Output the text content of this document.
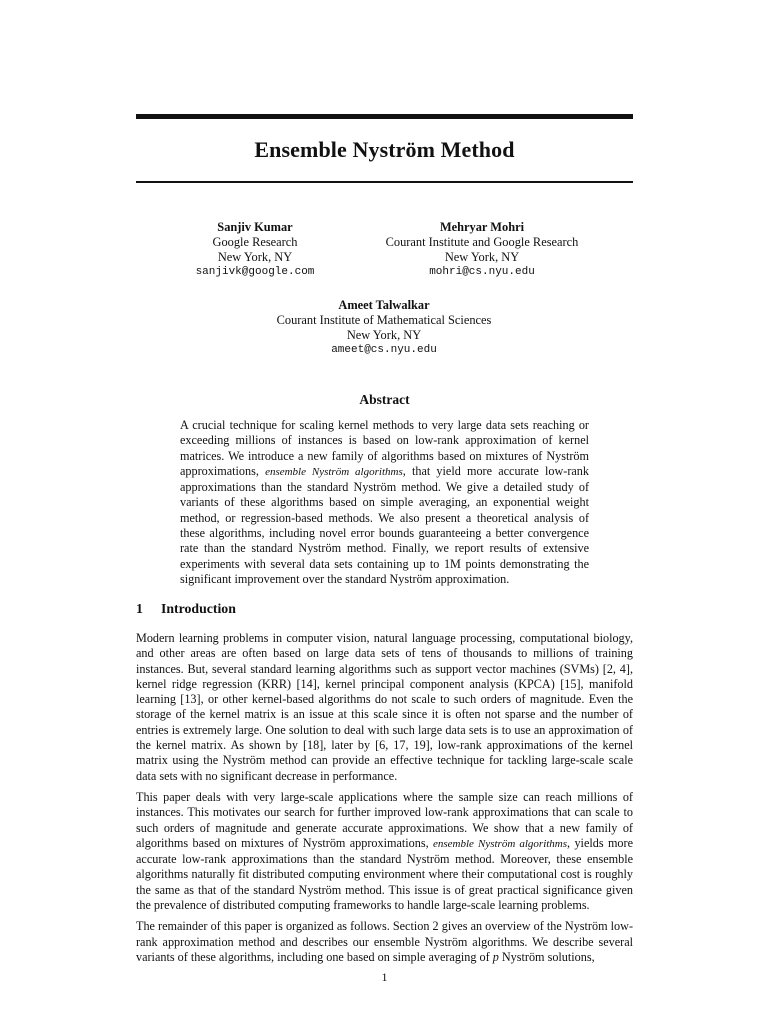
Ensemble Nyström Method
Sanjiv Kumar
Google Research
New York, NY
sanjivk@google.com
Mehryar Mohri
Courant Institute and Google Research
New York, NY
mohri@cs.nyu.edu
Ameet Talwalkar
Courant Institute of Mathematical Sciences
New York, NY
ameet@cs.nyu.edu
Abstract
A crucial technique for scaling kernel methods to very large data sets reaching or exceeding millions of instances is based on low-rank approximation of kernel matrices. We introduce a new family of algorithms based on mixtures of Nyström approximations, ensemble Nyström algorithms, that yield more accurate low-rank approximations than the standard Nyström method. We give a detailed study of variants of these algorithms based on simple averaging, an exponential weight method, or regression-based methods. We also present a theoretical analysis of these algorithms, including novel error bounds guaranteeing a better convergence rate than the standard Nyström method. Finally, we report results of extensive experiments with several data sets containing up to 1M points demonstrating the significant improvement over the standard Nyström approximation.
1 Introduction

Modern learning problems in computer vision, natural language processing, computational biology, and other areas are often based on large data sets of tens of thousands to millions of training instances. But, several standard learning algorithms such as support vector machines (SVMs) [2, 4], kernel ridge regression (KRR) [14], kernel principal component analysis (KPCA) [15], manifold learning [13], or other kernel-based algorithms do not scale to such orders of magnitude. Even the storage of the kernel matrix is an issue at this scale since it is often not sparse and the number of entries is extremely large. One solution to deal with such large data sets is to use an approximation of the kernel matrix. As shown by [18], later by [6, 17, 19], low-rank approximations of the kernel matrix using the Nyström method can provide an effective technique for tackling large-scale scale data sets with no significant decrease in performance.

This paper deals with very large-scale applications where the sample size can reach millions of instances. This motivates our search for further improved low-rank approximations that can scale to such orders of magnitude and generate accurate approximations. We show that a new family of algorithms based on mixtures of Nyström approximations, ensemble Nyström algorithms, yields more accurate low-rank approximations than the standard Nyström method. Moreover, these ensemble algorithms naturally fit distributed computing environment where their computational cost is roughly the same as that of the standard Nyström method. This issue is of great practical significance given the prevalence of distributed computing frameworks to handle large-scale learning problems.

The remainder of this paper is organized as follows. Section 2 gives an overview of the Nyström low-rank approximation method and describes our ensemble Nyström algorithms. We describe several variants of these algorithms, including one based on simple averaging of p Nyström solutions,

1
